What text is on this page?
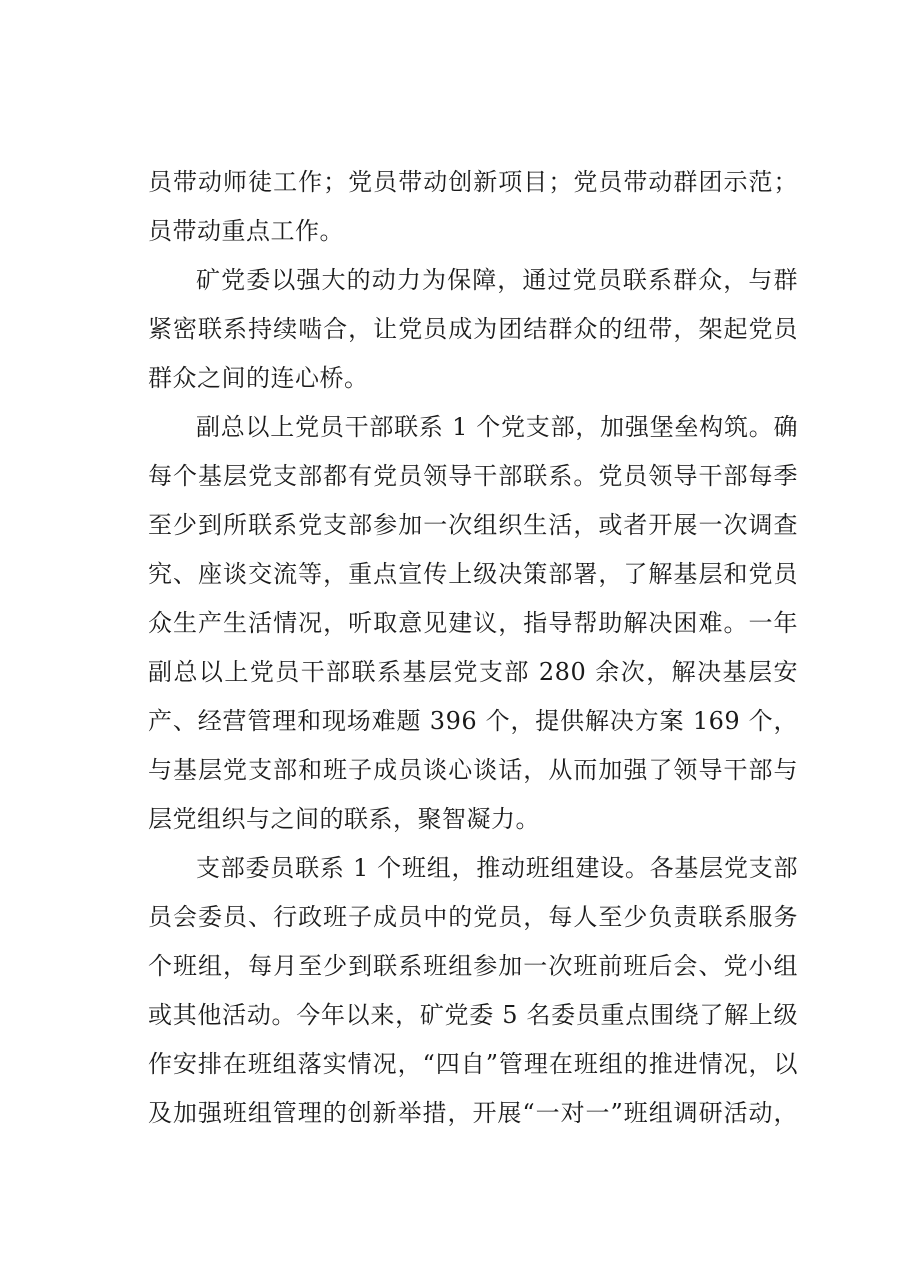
员带动师徒工作；党员带动创新项目；党员带动群团示范；
员带动重点工作。
矿党委以强大的动力为保障，通过党员联系群众，与群
紧密联系持续啮合，让党员成为团结群众的纽带，架起党员
群众之间的连心桥。
副总以上党员干部联系 1 个党支部，加强堡垒构筑。确
每个基层党支部都有党员领导干部联系。党员领导干部每季
至少到所联系党支部参加一次组织生活，或者开展一次调查
究、座谈交流等，重点宣传上级决策部署，了解基层和党员
众生产生活情况，听取意见建议，指导帮助解决困难。一年
副总以上党员干部联系基层党支部 280 余次，解决基层安
产、经营管理和现场难题 396 个，提供解决方案 169 个，
与基层党支部和班子成员谈心谈话，从而加强了领导干部与
层党组织与之间的联系，聚智凝力。
支部委员联系 1 个班组，推动班组建设。各基层党支部
员会委员、行政班子成员中的党员，每人至少负责联系服务
个班组，每月至少到联系班组参加一次班前班后会、党小组
或其他活动。今年以来，矿党委 5 名委员重点围绕了解上级
作安排在班组落实情况，“四自”管理在班组的推进情况，以
及加强班组管理的创新举措，开展“一对一”班组调研活动，
